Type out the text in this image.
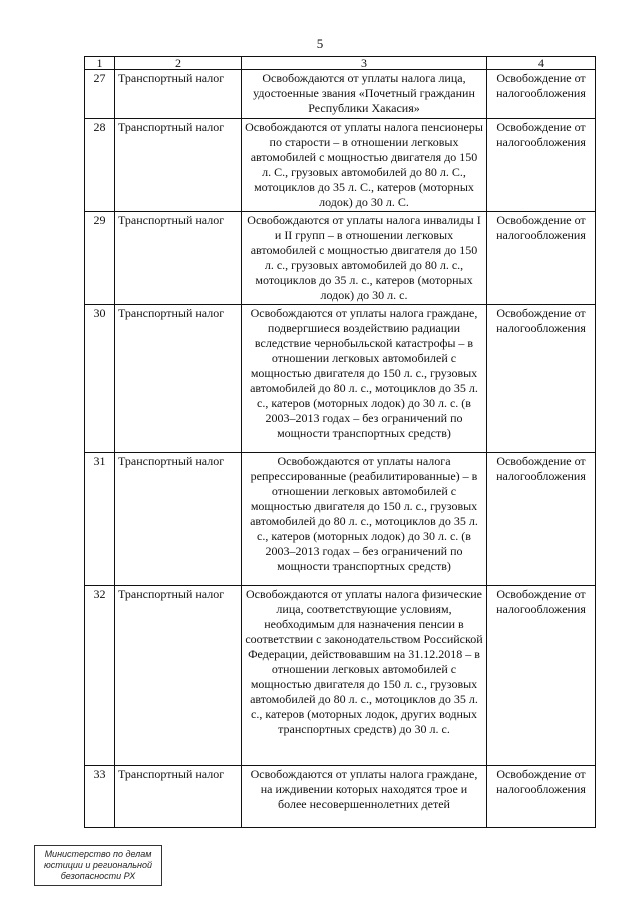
5
1	2	3	4
27	Транспортный налог	Освобождаются от уплаты налога лица, удостоенные звания «Почетный гражданин Республики Хакасия»	Освобождение от налогообложения
28	Транспортный налог	Освобождаются от уплаты налога пенсионеры по старости – в отношении легковых автомобилей с мощностью двигателя до 150 л. С., грузовых автомобилей до 80 л. С., мотоциклов до 35 л. С., катеров (моторных лодок) до 30 л. С.	Освобождение от налогообложения
29	Транспортный налог	Освобождаются от уплаты налога инвалиды I и II групп – в отношении легковых автомобилей с мощностью двигателя до 150 л. с., грузовых автомобилей до 80 л. с., мотоциклов до 35 л. с., катеров (моторных лодок) до 30 л. с.	Освобождение от налогообложения
30	Транспортный налог	Освобождаются от уплаты налога граждане, подвергшиеся воздействию радиации вследствие чернобыльской катастрофы – в отношении легковых автомобилей с мощностью двигателя до 150 л. с., грузовых автомобилей до 80 л. с., мотоциклов до 35 л. с., катеров (моторных лодок) до 30 л. с. (в 2003–2013 годах – без ограничений по мощности транспортных средств)	Освобождение от налогообложения
31	Транспортный налог	Освобождаются от уплаты налога репрессированные (реабилитированные) – в отношении легковых автомобилей с мощностью двигателя до 150 л. с., грузовых автомобилей до 80 л. с., мотоциклов до 35 л. с., катеров (моторных лодок) до 30 л. с. (в 2003–2013 годах – без ограничений по мощности транспортных средств)	Освобождение от налогообложения
32	Транспортный налог	Освобождаются от уплаты налога физические лица, соответствующие условиям, необходимым для назначения пенсии в соответствии с законодательством Российской Федерации, действовавшим на 31.12.2018 – в отношении легковых автомобилей с мощностью двигателя до 150 л. с., грузовых автомобилей до 80 л. с., мотоциклов до 35 л. с., катеров (моторных лодок, других водных транспортных средств) до 30 л. с.	Освобождение от налогообложения
33	Транспортный налог	Освобождаются от уплаты налога граждане, на иждивении которых находятся трое и более несовершеннолетних детей	Освобождение от налогообложения
Министерство по делам
юстиции и региональной
безопасности РХ
